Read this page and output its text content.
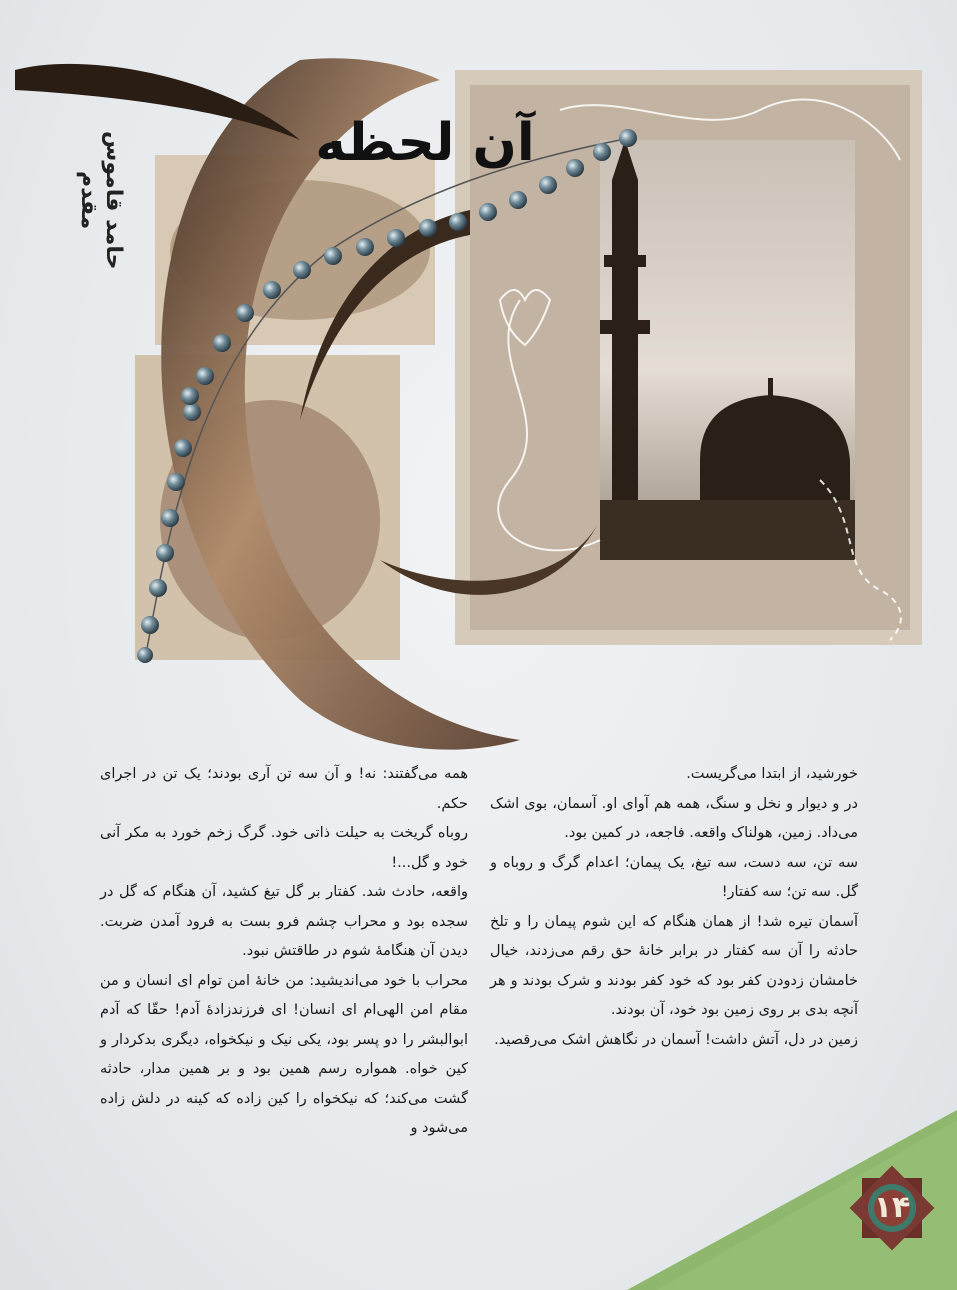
حامد قاموس مقدم
آن لحظه

خورشید، از ابتدا می‌گریست.

در و دیوار و نخل و سنگ، همه هم آوای او. آسمان، بوی اشک می‌داد. زمین، هولناک واقعه. فاجعه، در کمین بود.

سه تن، سه دست، سه تیغ، یک پیمان؛ اعدام گرگ و روباه و گل. سه تن؛ سه کفتار!

آسمان تیره شد! از همان هنگام که این شوم پیمان را و تلخ حادثه را آن سه کفتار در برابر خانهٔ حق رقم می‌زدند، خیال خامشان زدودن کفر بود که خود کفر بودند و شرک بودند و هر آنچه بدی بر روی زمین بود خود، آن بودند.

زمین در دل، آتش داشت! آسمان در نگاهش اشک می‌رقصید.

همه می‌گفتند: نه! و آن سه تن آری بودند؛ یک تن در اجرای حکم.

روباه گریخت به حیلت ذاتی خود. گرگ زخم خورد به مکر آنی خود و گل...!

واقعه، حادث شد. کفتار بر گل تیغ کشید، آن هنگام که گل در سجده بود و محراب چشم فرو بست به فرود آمدن ضربت. دیدن آن هنگامهٔ شوم در طاقتش نبود.

محراب با خود می‌اندیشید: من خانهٔ امن توام ای انسان و من مقام امن الهی‌ام ای انسان! ای فرزندزادهٔ آدم! حقّا که آدم ابوالبشر را دو پسر بود، یکی نیک و نیکخواه، دیگری بدکردار و کین خواه. همواره رسم همین بود و بر همین مدار، حادثه گشت می‌کند؛ که نیکخواه را کین زاده که کینه در دلش زاده می‌شود و

۱۴
